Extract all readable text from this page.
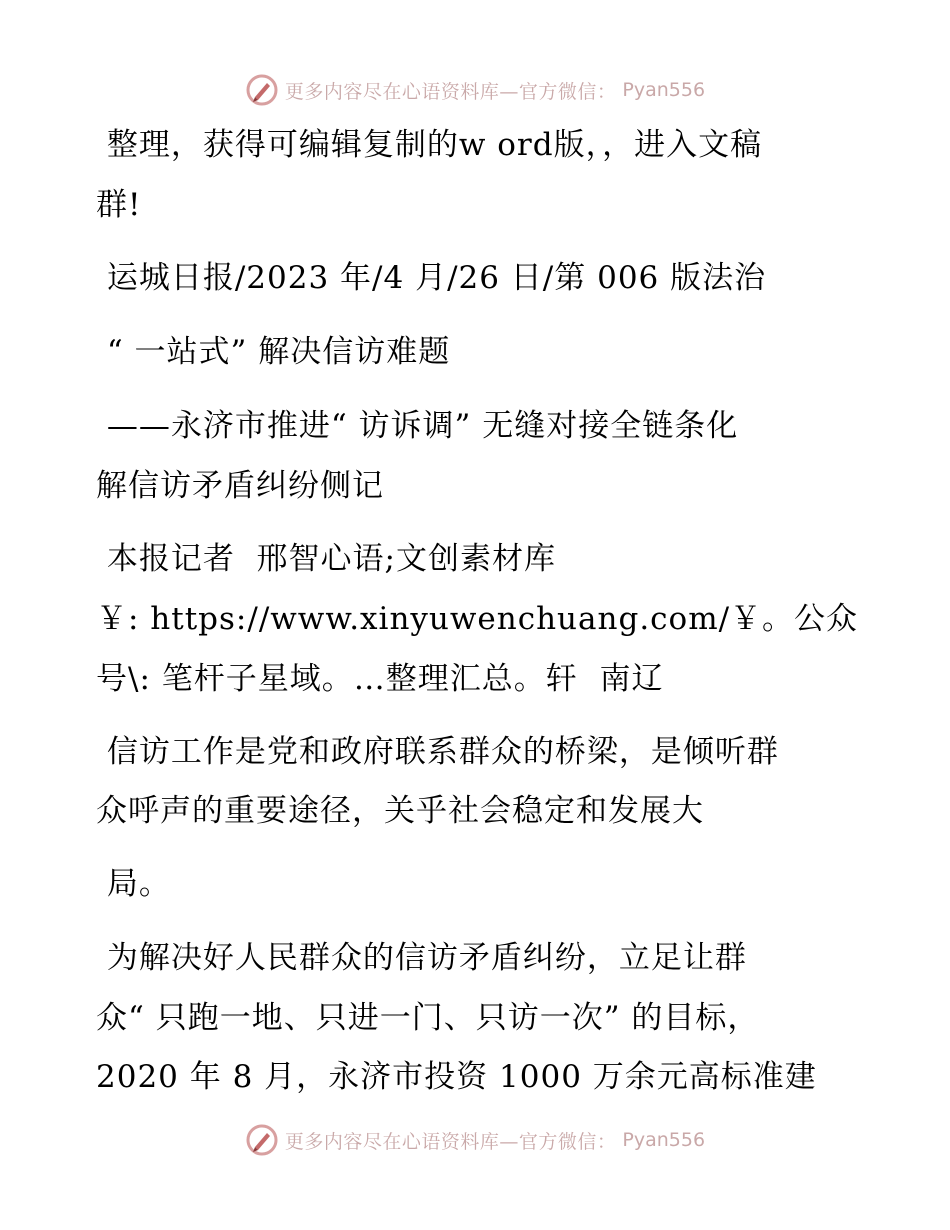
更多内容尽在心语资料库—官方微信： Pyan556
整理，获得可编辑复制的w ord版，，进入文稿
群!
运城日报/2023 年/4 月/26 日/第 006 版法治
“ 一站式” 解决信访难题
——永济市推进“ 访诉调” 无缝对接全链条化
解信访矛盾纠纷侧记
本报记者  邢智心语;文创素材库
￥: https://www.xinyuwenchuang.com/￥。公众
号\: 笔杆子星域。…整理汇总。轩  南辽
信访工作是党和政府联系群众的桥梁，是倾听群
众呼声的重要途径，关乎社会稳定和发展大
局。
为解决好人民群众的信访矛盾纠纷，立足让群
众“ 只跑一地、只进一门、只访一次” 的目标，
2020 年 8 月，永济市投资 1000 万余元高标准建
更多内容尽在心语资料库—官方微信： Pyan556
